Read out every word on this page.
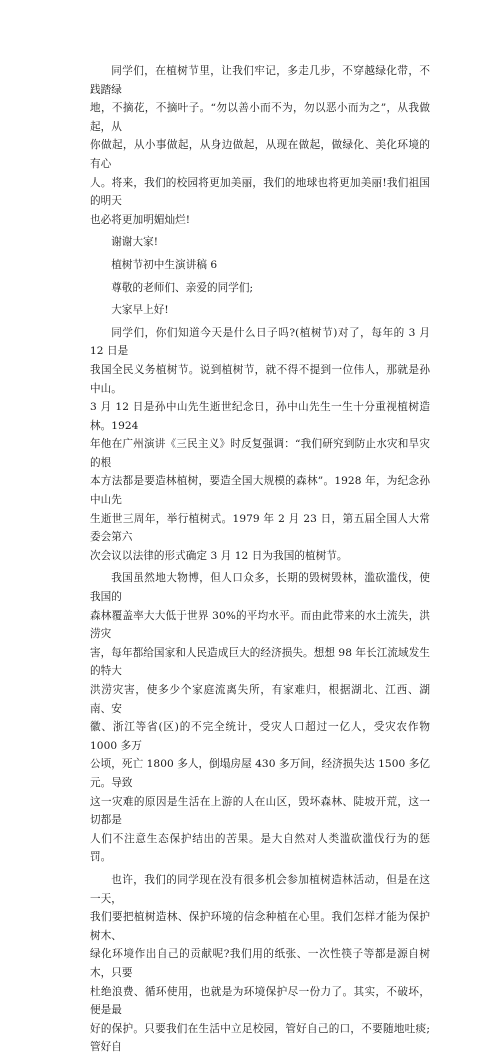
同学们，在植树节里，让我们牢记，多走几步，不穿越绿化带，不践踏绿
地，不摘花，不摘叶子。“勿以善小而不为，勿以恶小而为之”，从我做起，从
你做起，从小事做起，从身边做起，从现在做起，做绿化、美化环境的有心
人。将来，我们的校园将更加美丽，我们的地球也将更加美丽!我们祖国的明天
也必将更加明媚灿烂!

谢谢大家!

植树节初中生演讲稿 6

尊敬的老师们、亲爱的同学们;

大家早上好!

同学们，你们知道今天是什么日子吗?(植树节)对了，每年的 3 月 12 日是
我国全民义务植树节。说到植树节，就不得不提到一位伟人，那就是孙中山。
3 月 12 日是孙中山先生逝世纪念日，孙中山先生一生十分重视植树造林。1924
年他在广州演讲《三民主义》时反复强调：“我们研究到防止水灾和旱灾的根
本方法都是要造林植树，要造全国大规模的森林”。1928 年，为纪念孙中山先
生逝世三周年，举行植树式。1979 年 2 月 23 日，第五届全国人大常委会第六
次会议以法律的形式确定 3 月 12 日为我国的植树节。

我国虽然地大物博，但人口众多，长期的毁树毁林，滥砍滥伐，使我国的
森林覆盖率大大低于世界 30%的平均水平。而由此带来的水土流失，洪涝灾
害，每年都给国家和人民造成巨大的经济损失。想想 98 年长江流域发生的特大
洪涝灾害，使多少个家庭流离失所，有家难归，根据湖北、江西、湖南、安
徽、浙江等省(区)的不完全统计，受灾人口超过一亿人，受灾农作物 1000 多万
公顷，死亡 1800 多人，倒塌房屋 430 多万间，经济损失达 1500 多亿元。导致
这一灾难的原因是生活在上游的人在山区，毁坏森林、陡坡开荒，这一切都是
人们不注意生态保护结出的苦果。是大自然对人类滥砍滥伐行为的惩罚。

也许，我们的同学现在没有很多机会参加植树造林活动，但是在这一天，
我们要把植树造林、保护环境的信念种植在心里。我们怎样才能为保护树木、
绿化环境作出自己的贡献呢?我们用的纸张、一次性筷子等都是源自树木，只要
杜绝浪费、循环使用，也就是为环境保护尽一份力了。其实，不破坏，便是最
好的保护。只要我们在生活中立足校园，管好自己的口，不要随地吐痰;管好自
